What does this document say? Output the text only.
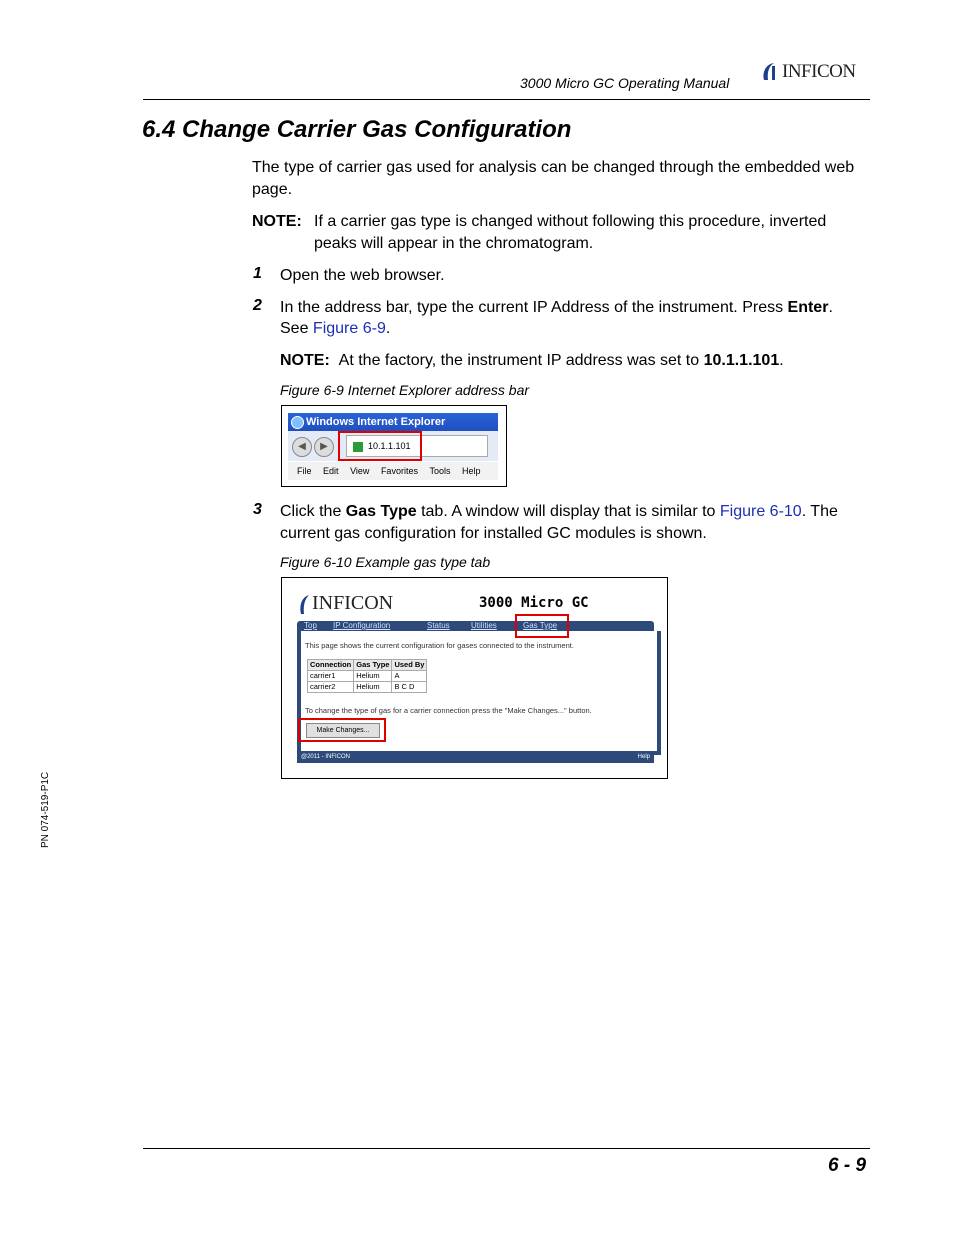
3000 Micro GC Operating Manual
INFICON
6.4 Change Carrier Gas Configuration
The type of carrier gas used for analysis can be changed through the embedded web page.
NOTE: If a carrier gas type is changed without following this procedure, inverted
peaks will appear in the chromatogram.
1 Open the web browser.
2 In the address bar, type the current IP Address of the instrument. Press Enter.
See Figure 6-9.
NOTE: At the factory, the instrument IP address was set to 10.1.1.101.
Figure 6-9 Internet Explorer address bar
Windows Internet Explorer
◀	▶	10.1.1.101
File Edit View Favorites Tools Help
3 Click the Gas Type tab. A window will display that is similar to Figure 6-10. The
current gas configuration for installed GC modules is shown.
Figure 6-10 Example gas type tab
INFICON	3000 Micro GC
Top IP Configuration	Status	Utilities	Gas Type
This page shows the current configuration for gases connected to the instrument.
Connection	Gas Type	Used By
carrier1	Helium	A
carrier2	Helium	B C D
To change the type of gas for a carrier connection press the "Make Changes..." button.
Make Changes...
@2011 - INFICON	Help
PN 074-519-P1C
6 - 9
